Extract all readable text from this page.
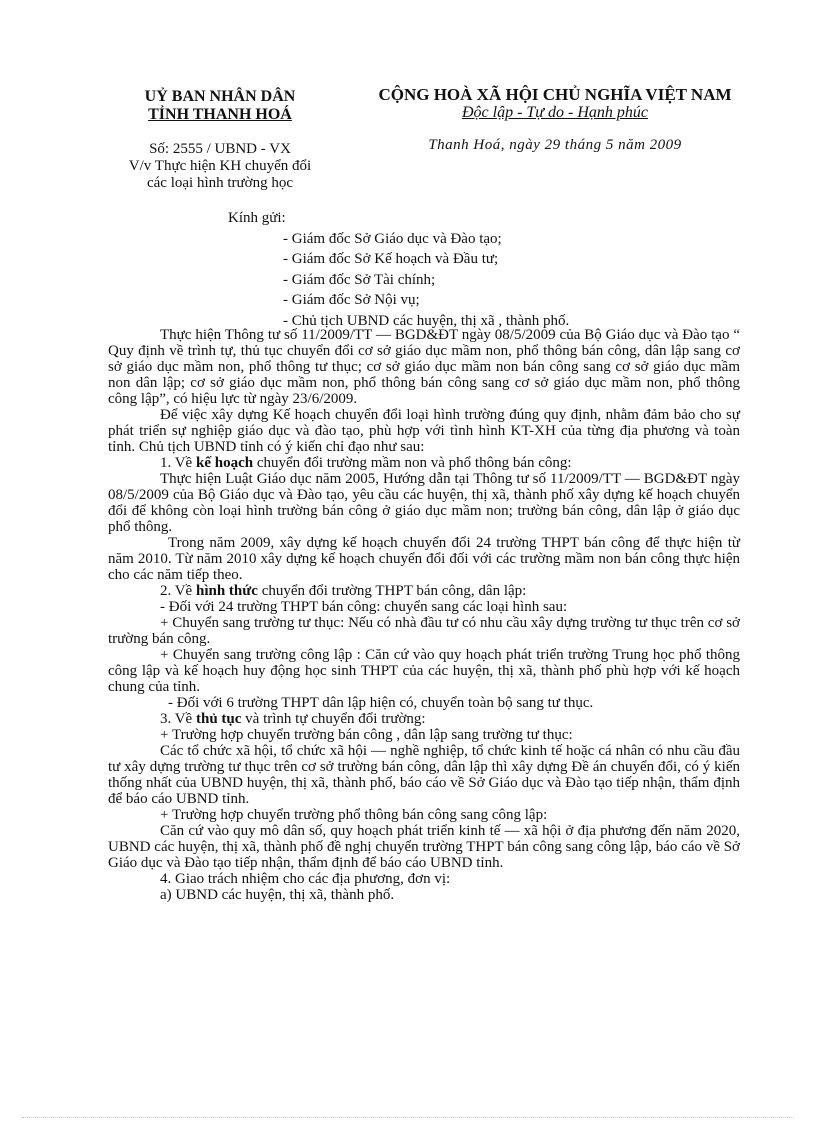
UỶ BAN NHÂN DÂN
TỈNH THANH HOÁ
Số: 2555 / UBND - VX
V/v Thực hiện KH chuyển đổi
các loại hình trường học
CỘNG HOÀ XÃ HỘI CHỦ NGHĨA VIỆT NAM
Độc lập - Tự do - Hạnh phúc
Thanh Hoá, ngày 29 tháng 5 năm 2009
Kính gửi:
- Giám đốc Sở Giáo dục và Đào tạo;
- Giám đốc Sở Kế hoạch và Đầu tư;
- Giám đốc Sở Tài chính;
- Giám đốc Sở Nội vụ;
- Chủ tịch UBND các huyện, thị xã , thành phố.

Thực hiện Thông tư số 11/2009/TT — BGD&ĐT ngày 08/5/2009 của Bộ Giáo dục và Đào tạo “ Quy định về trình tự, thủ tục chuyển đổi cơ sở giáo dục mầm non, phổ thông bán công, dân lập sang cơ sở giáo dục mầm non, phổ thông tư thục; cơ sở giáo dục mầm non bán công sang cơ sở giáo dục mầm non dân lập; cơ sở giáo dục mầm non, phổ thông bán công sang cơ sở giáo dục mầm non, phổ thông công lập”, có hiệu lực từ ngày 23/6/2009.

Để việc xây dựng Kế hoạch chuyển đổi loại hình trường đúng quy định, nhằm đảm bảo cho sự phát triển sự nghiệp giáo dục và đào tạo, phù hợp với tình hình KT-XH của từng địa phương và toàn tỉnh. Chủ tịch UBND tỉnh có ý kiến chỉ đạo như sau:

1. Về kế hoạch chuyển đổi trường mầm non và phổ thông bán công:

Thực hiện Luật Giáo dục năm 2005, Hướng dẫn tại Thông tư số 11/2009/TT — BGD&ĐT ngày 08/5/2009 của Bộ Giáo dục và Đào tạo, yêu cầu các huyện, thị xã, thành phố xây dựng kế hoạch chuyển đổi để không còn loại hình trường bán công ở giáo dục mầm non; trường bán công, dân lập ở giáo dục phổ thông.

Trong năm 2009, xây dựng kế hoạch chuyển đổi 24 trường THPT bán công để thực hiện từ năm 2010. Từ năm 2010 xây dựng kế hoạch chuyển đổi đối với các trường mầm non bán công thực hiện cho các năm tiếp theo.

2. Về hình thức chuyển đổi trường THPT bán công, dân lập:

- Đối với 24 trường THPT bán công: chuyển sang các loại hình sau:

+ Chuyển sang trường tư thục: Nếu có nhà đầu tư có nhu cầu xây dựng trường tư thục trên cơ sở trường bán công.

+ Chuyển sang trường công lập : Căn cứ vào quy hoạch phát triển trường Trung học phổ thông công lập và kế hoạch huy động học sinh THPT của các huyện, thị xã, thành phố phù hợp với kế hoạch chung của tỉnh.

- Đối với 6 trường THPT dân lập hiện có, chuyển toàn bộ sang tư thục.

3. Về thủ tục và trình tự chuyển đổi trường:

+ Trường hợp chuyển trường bán công , dân lập sang trường tư thục:

Các tổ chức xã hội, tổ chức xã hội — nghề nghiệp, tổ chức kinh tế hoặc cá nhân có nhu cầu đầu tư xây dựng trường tư thục trên cơ sở trường bán công, dân lập thì xây dựng Đề án chuyển đổi, có ý kiến thống nhất của UBND huyện, thị xã, thành phố, báo cáo về Sở Giáo dục và Đào tạo tiếp nhận, thẩm định để báo cáo UBND tỉnh.

+ Trường hợp chuyển trường phổ thông bán công sang công lập:

Căn cứ vào quy mô dân số, quy hoạch phát triển kinh tế — xã hội ở địa phương đến năm 2020, UBND các huyện, thị xã, thành phố đề nghị chuyển trường THPT bán công sang công lập, báo cáo về Sở Giáo dục và Đào tạo tiếp nhận, thẩm định để báo cáo UBND tỉnh.

4. Giao trách nhiệm cho các địa phương, đơn vị:

a) UBND các huyện, thị xã, thành phố.
